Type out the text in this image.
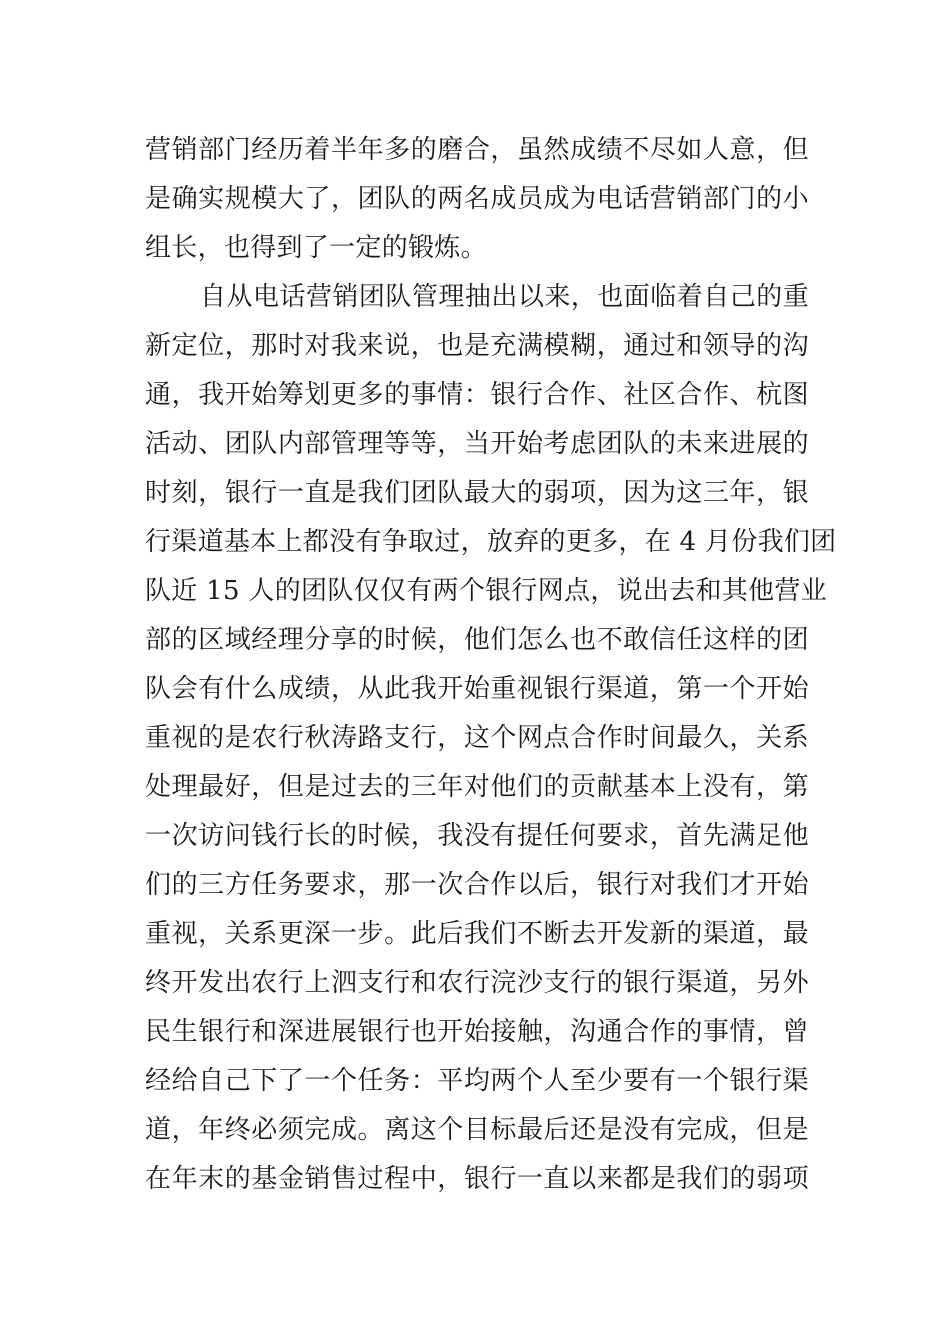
营销部门经历着半年多的磨合，虽然成绩不尽如人意，但
是确实规模大了，团队的两名成员成为电话营销部门的小
组长，也得到了一定的锻炼。
自从电话营销团队管理抽出以来，也面临着自己的重
新定位，那时对我来说，也是充满模糊，通过和领导的沟
通，我开始筹划更多的事情：银行合作、社区合作、杭图
活动、团队内部管理等等，当开始考虑团队的未来进展的
时刻，银行一直是我们团队最大的弱项，因为这三年，银
行渠道基本上都没有争取过，放弃的更多，在 4 月份我们团
队近 15 人的团队仅仅有两个银行网点，说出去和其他营业
部的区域经理分享的时候，他们怎么也不敢信任这样的团
队会有什么成绩，从此我开始重视银行渠道，第一个开始
重视的是农行秋涛路支行，这个网点合作时间最久，关系
处理最好，但是过去的三年对他们的贡献基本上没有，第
一次访问钱行长的时候，我没有提任何要求，首先满足他
们的三方任务要求，那一次合作以后，银行对我们才开始
重视，关系更深一步。此后我们不断去开发新的渠道，最
终开发出农行上泗支行和农行浣沙支行的银行渠道，另外
民生银行和深进展银行也开始接触，沟通合作的事情，曾
经给自己下了一个任务：平均两个人至少要有一个银行渠
道，年终必须完成。离这个目标最后还是没有完成，但是
在年末的基金销售过程中，银行一直以来都是我们的弱项
